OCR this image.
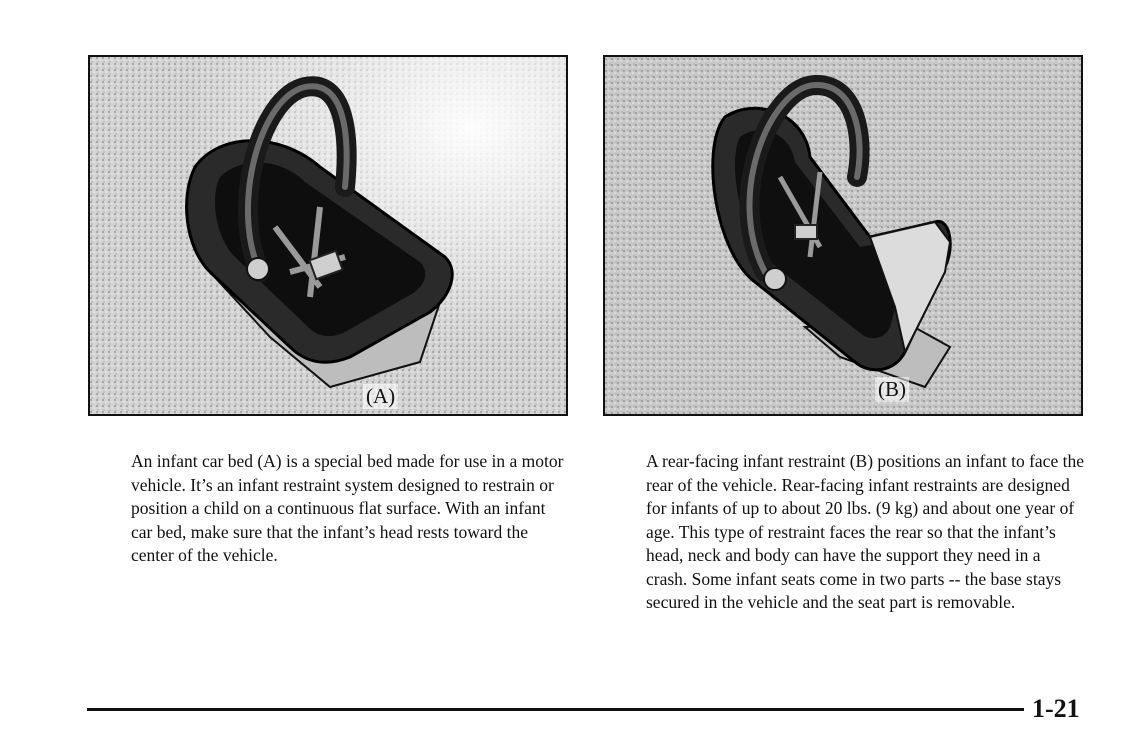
(A)	(B)

An infant car bed (A) is a special bed made for use in a motor vehicle. It’s an infant restraint system designed to restrain or position a child on a continuous flat surface. With an infant car bed, make sure that the infant’s head rests toward the center of the vehicle.

A rear-facing infant restraint (B) positions an infant to face the rear of the vehicle. Rear-facing infant restraints are designed for infants of up to about 20 lbs. (9 kg) and about one year of age. This type of restraint faces the rear so that the infant’s head, neck and body can have the support they need in a crash. Some infant seats come in two parts -- the base stays secured in the vehicle and the seat part is removable.

1-21
